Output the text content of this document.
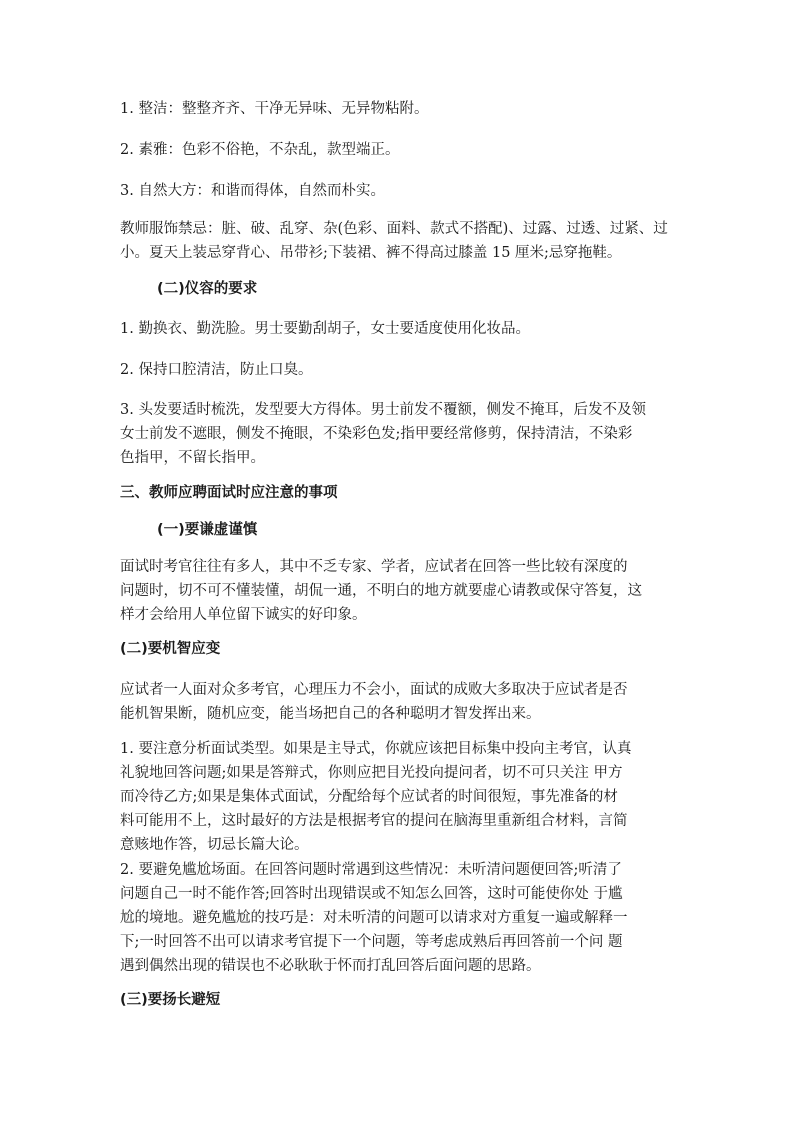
1. 整洁：整整齐齐、干净无异味、无异物粘附。

2. 素雅：色彩不俗艳，不杂乱，款型端正。

3. 自然大方：和谐而得体，自然而朴实。

教师服饰禁忌：脏、破、乱穿、杂(色彩、面料、款式不搭配)、过露、过透、过紧、过
小。夏天上装忌穿背心、吊带衫;下装裙、裤不得高过膝盖 15 厘米;忌穿拖鞋。

(二)仪容的要求

1. 勤换衣、勤洗脸。男士要勤刮胡子，女士要适度使用化妆品。

2. 保持口腔清洁，防止口臭。

3. 头发要适时梳洗，发型要大方得体。男士前发不覆额，侧发不掩耳，后发不及领
女士前发不遮眼，侧发不掩眼，不染彩色发;指甲要经常修剪，保持清洁，不染彩
色指甲，不留长指甲。

三、教师应聘面试时应注意的事项

(一)要谦虚谨慎

面试时考官往往有多人，其中不乏专家、学者，应试者在回答一些比较有深度的
问题时，切不可不懂装懂，胡侃一通，不明白的地方就要虚心请教或保守答复，这
样才会给用人单位留下诚实的好印象。

(二)要机智应变

应试者一人面对众多考官，心理压力不会小，面试的成败大多取决于应试者是否
能机智果断，随机应变，能当场把自己的各种聪明才智发挥出来。

1. 要注意分析面试类型。如果是主导式，你就应该把目标集中投向主考官，认真
礼貌地回答问题;如果是答辩式，你则应把目光投向提问者，切不可只关注 甲方
而冷待乙方;如果是集体式面试，分配给每个应试者的时间很短，事先准备的材
料可能用不上，这时最好的方法是根据考官的提问在脑海里重新组合材料，言简
意赅地作答，切忌长篇大论。

2. 要避免尴尬场面。在回答问题时常遇到这些情况：未听清问题便回答;听清了
问题自己一时不能作答;回答时出现错误或不知怎么回答，这时可能使你处 于尴
尬的境地。避免尴尬的技巧是：对未听清的问题可以请求对方重复一遍或解释一
下;一时回答不出可以请求考官提下一个问题，等考虑成熟后再回答前一个问 题
遇到偶然出现的错误也不必耿耿于怀而打乱回答后面问题的思路。

(三)要扬长避短
